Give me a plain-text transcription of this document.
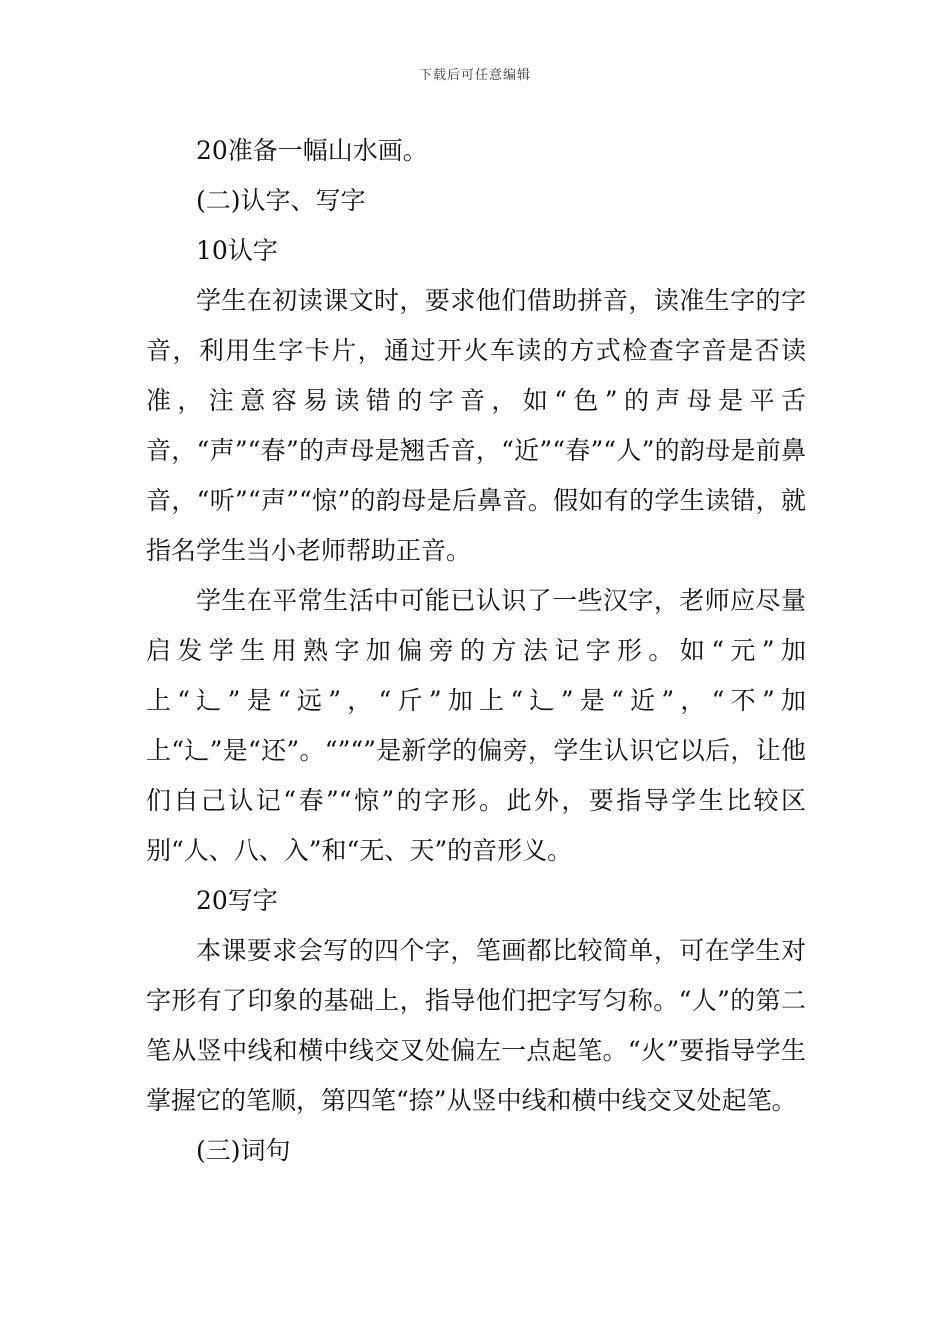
下载后可任意编辑

20准备一幅山水画。

(二)认字、写字

10认字

学生在初读课文时，要求他们借助拼音，读准生字的字音，利用生字卡片，通过开火车读的方式检查字音是否读准，注意容易读错的字音，如“色”的声母是平舌音，“声”“春”的声母是翘舌音，“近”“春”“人”的韵母是前鼻音，“听”“声”“惊”的韵母是后鼻音。假如有的学生读错，就指名学生当小老师帮助正音。

学生在平常生活中可能已认识了一些汉字，老师应尽量启发学生用熟字加偏旁的方法记字形。如“元”加上“辶”是“远”，“斤”加上“辶”是“近”，“不”加上“辶”是“还”。“”“”是新学的偏旁，学生认识它以后，让他们自己认记“春”“惊”的字形。此外，要指导学生比较区别“人、八、入”和“无、天”的音形义。

20写字

本课要求会写的四个字，笔画都比较简单，可在学生对字形有了印象的基础上，指导他们把字写匀称。“人”的第二笔从竖中线和横中线交叉处偏左一点起笔。“火”要指导学生掌握它的笔顺，第四笔“捺”从竖中线和横中线交叉处起笔。

(三)词句
